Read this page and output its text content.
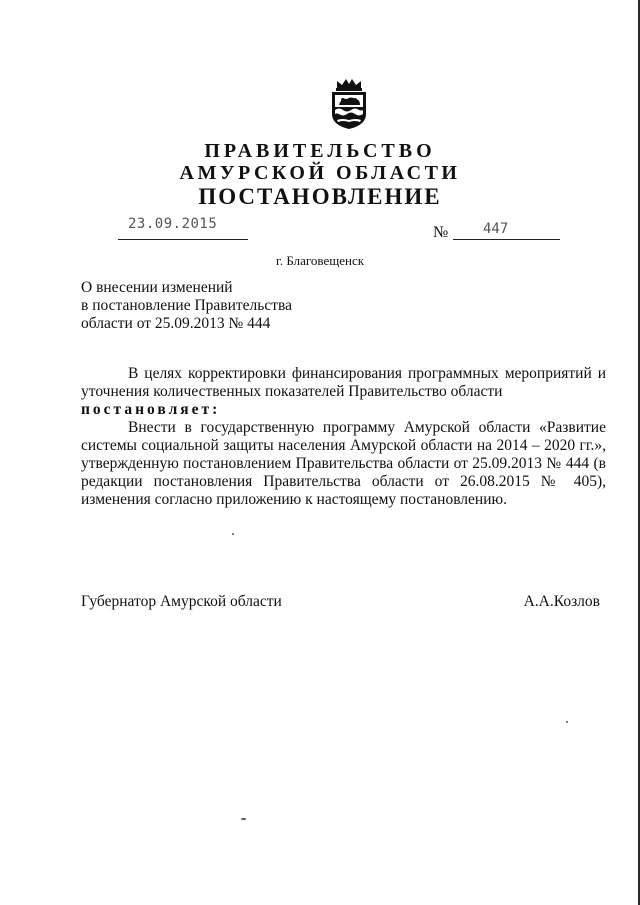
ПРАВИТЕЛЬСТВО
АМУРСКОЙ ОБЛАСТИ
ПОСТАНОВЛЕНИЕ
23.09.2015	№ 447
г. Благовещенск
О внесении изменений
в постановление Правительства
области от 25.09.2013 № 444

В целях корректировки финансирования программных мероприятий и уточнения количественных показателей Правительство области

постановляет:

Внести в государственную программу Амурской области «Развитие системы социальной защиты населения Амурской области на 2014 – 2020 гг.», утвержденную постановлением Правительства области от 25.09.2013 № 444 (в редакции постановления Правительства области от 26.08.2015 № 405), изменения согласно приложению к настоящему постановлению.

Губернатор Амурской области	А.А.Козлов
